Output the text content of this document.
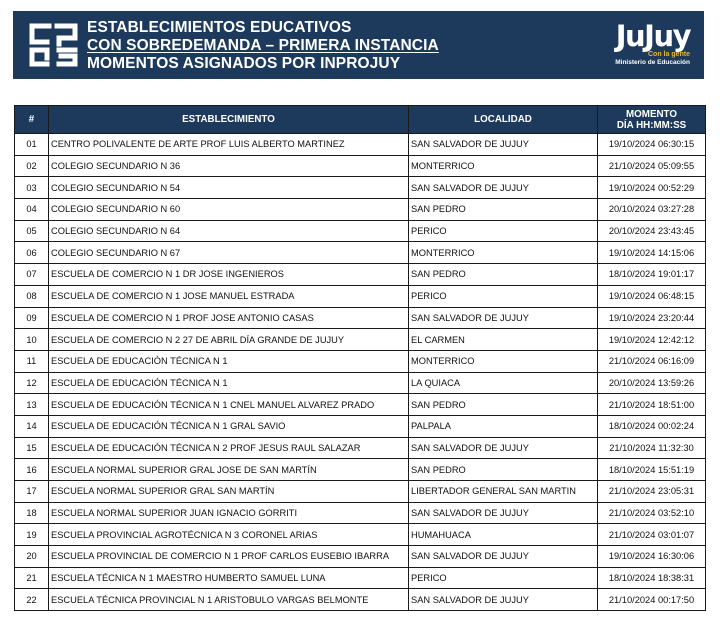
ESTABLECIMIENTOS EDUCATIVOS
CON SOBREDEMANDA – PRIMERA INSTANCIA
MOMENTOS ASIGNADOS POR INPROJUY
JuJuy
Con la gente
Ministerio de Educación
#	ESTABLECIMIENTO	LOCALIDAD	MOMENTO
DÍA HH:MM:SS

01	CENTRO POLIVALENTE DE ARTE PROF LUIS ALBERTO MARTINEZ	SAN SALVADOR DE JUJUY	19/10/2024 06:30:15
02	COLEGIO SECUNDARIO N 36	MONTERRICO	21/10/2024 05:09:55
03	COLEGIO SECUNDARIO N 54	SAN SALVADOR DE JUJUY	19/10/2024 00:52:29
04	COLEGIO SECUNDARIO N 60	SAN PEDRO	20/10/2024 03:27:28
05	COLEGIO SECUNDARIO N 64	PERICO	20/10/2024 23:43:45
06	COLEGIO SECUNDARIO N 67	MONTERRICO	19/10/2024 14:15:06
07	ESCUELA DE COMERCIO N 1 DR JOSE INGENIEROS	SAN PEDRO	18/10/2024 19:01:17
08	ESCUELA DE COMERCIO N 1 JOSE MANUEL ESTRADA	PERICO	19/10/2024 06:48:15
09	ESCUELA DE COMERCIO N 1 PROF JOSE ANTONIO CASAS	SAN SALVADOR DE JUJUY	19/10/2024 23:20:44
10	ESCUELA DE COMERCIO N 2 27 DE ABRIL DÍA GRANDE DE JUJUY	EL CARMEN	19/10/2024 12:42:12
11	ESCUELA DE EDUCACIÓN TÉCNICA N 1	MONTERRICO	21/10/2024 06:16:09
12	ESCUELA DE EDUCACIÓN TÉCNICA N 1	LA QUIACA	20/10/2024 13:59:26
13	ESCUELA DE EDUCACIÓN TÉCNICA N 1 CNEL MANUEL ALVAREZ PRADO	SAN PEDRO	21/10/2024 18:51:00
14	ESCUELA DE EDUCACIÓN TÉCNICA N 1 GRAL SAVIO	PALPALA	18/10/2024 00:02:24
15	ESCUELA DE EDUCACIÓN TÉCNICA N 2 PROF JESUS RAUL SALAZAR	SAN SALVADOR DE JUJUY	21/10/2024 11:32:30
16	ESCUELA NORMAL SUPERIOR GRAL JOSE DE SAN MARTÍN	SAN PEDRO	18/10/2024 15:51:19
17	ESCUELA NORMAL SUPERIOR GRAL SAN MARTÍN	LIBERTADOR GENERAL SAN MARTIN	21/10/2024 23:05:31
18	ESCUELA NORMAL SUPERIOR JUAN IGNACIO GORRITI	SAN SALVADOR DE JUJUY	21/10/2024 03:52:10
19	ESCUELA PROVINCIAL AGROTÉCNICA N 3 CORONEL ARIAS	HUMAHUACA	21/10/2024 03:01:07
20	ESCUELA PROVINCIAL DE COMERCIO N 1 PROF CARLOS EUSEBIO IBARRA	SAN SALVADOR DE JUJUY	19/10/2024 16:30:06
21	ESCUELA TÉCNICA N 1 MAESTRO HUMBERTO SAMUEL LUNA	PERICO	18/10/2024 18:38:31
22	ESCUELA TÉCNICA PROVINCIAL N 1 ARISTOBULO VARGAS BELMONTE	SAN SALVADOR DE JUJUY	21/10/2024 00:17:50
